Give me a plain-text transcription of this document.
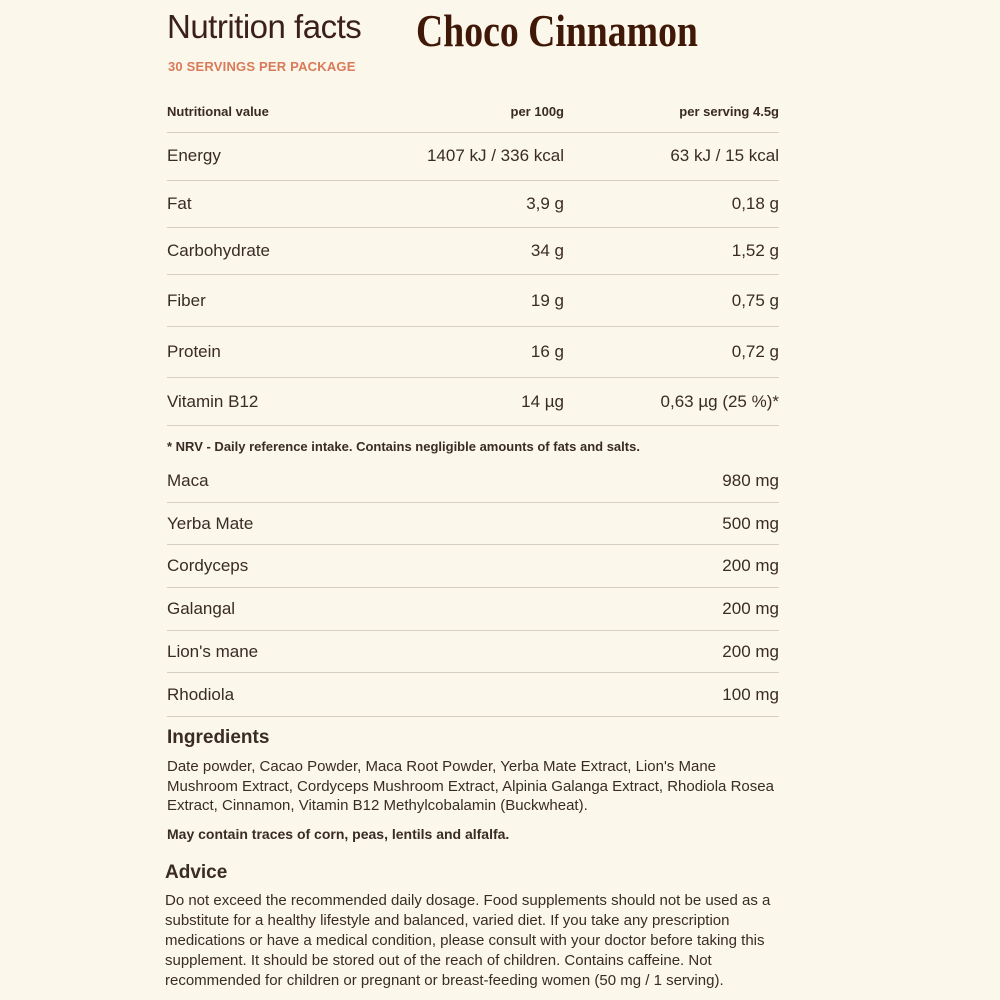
Nutrition facts Choco Cinnamon
30 SERVINGS PER PACKAGE
Nutritional value	per 100g	per serving 4.5g
Energy	1407 kJ / 336 kcal	63 kJ / 15 kcal
Fat	3,9 g	0,18 g
Carbohydrate	34 g	1,52 g
Fiber	19 g	0,75 g
Protein	16 g	0,72 g
Vitamin B12	14 µg	0,63 µg (25 %)*
* NRV - Daily reference intake. Contains negligible amounts of fats and salts.
Maca	980 mg
Yerba Mate	500 mg
Cordyceps	200 mg
Galangal	200 mg
Lion's mane	200 mg
Rhodiola	100 mg
Ingredients
Date powder, Cacao Powder, Maca Root Powder, Yerba Mate Extract, Lion's Mane Mushroom Extract, Cordyceps Mushroom Extract, Alpinia Galanga Extract, Rhodiola Rosea Extract, Cinnamon, Vitamin B12 Methylcobalamin (Buckwheat).
May contain traces of corn, peas, lentils and alfalfa.
Advice
Do not exceed the recommended daily dosage. Food supplements should not be used as a substitute for a healthy lifestyle and balanced, varied diet. If you take any prescription medications or have a medical condition, please consult with your doctor before taking this supplement. It should be stored out of the reach of children. Contains caffeine. Not recommended for children or pregnant or breast-feeding women (50 mg / 1 serving).
